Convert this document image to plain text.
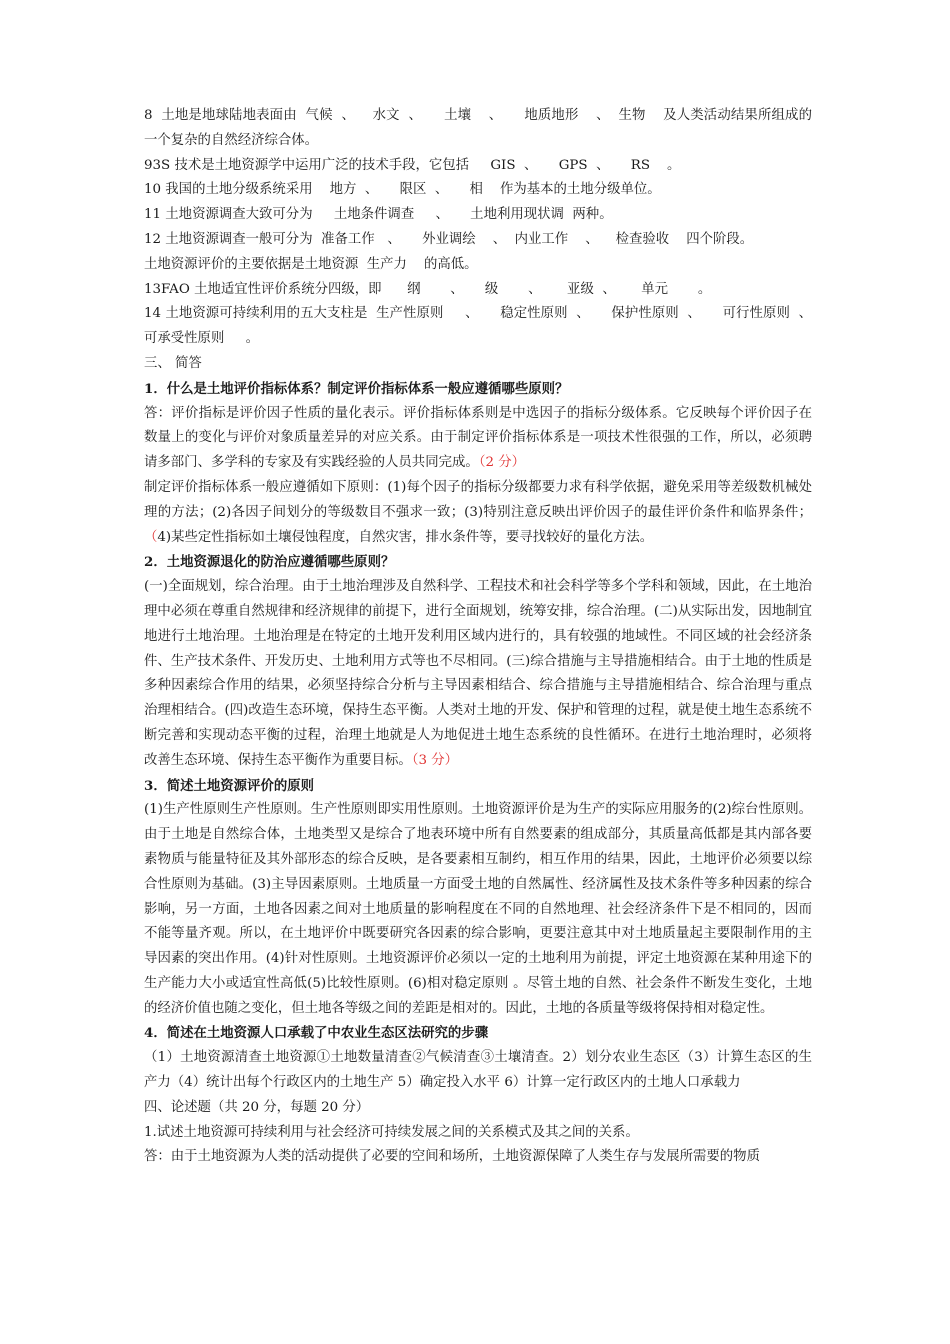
8  土地是地球陆地表面由  气候  、    水文  、     土壤    、     地质地形    、  生物    及人类活动结果所组成的一个复杂的自然经济综合体。

93S 技术是土地资源学中运用广泛的技术手段，它包括     GIS  、     GPS  、     RS    。

10 我国的土地分级系统采用    地方  、     限区  、     相    作为基本的土地分级单位。

11 土地资源调查大致可分为     土地条件调查     、     土地利用现状调  两种。

12 土地资源调查一般可分为  准备工作   、     外业调绘    、  内业工作    、    检查验收    四个阶段。

土地资源评价的主要依据是土地资源  生产力    的高低。

13FAO 土地适宜性评价系统分四级，即      纲       、     级       、      亚级  、      单元       。

14 土地资源可持续利用的五大支柱是  生产性原则     、     稳定性原则  、     保护性原则  、     可行性原则  、  可承受性原则     。

三、 简答

1．什么是土地评价指标体系？制定评价指标体系一般应遵循哪些原则？

答：评价指标是评价因子性质的量化表示。评价指标体系则是中选因子的指标分级体系。它反映每个评价因子在数量上的变化与评价对象质量差异的对应关系。由于制定评价指标体系是一项技术性很强的工作，所以，必须聘请多部门、多学科的专家及有实践经验的人员共同完成。（2 分）

制定评价指标体系一般应遵循如下原则：(1)每个因子的指标分级都要力求有科学依据，避免采用等差级数机械处理的方法；(2)各因子间划分的等级数目不强求一致；(3)特别注意反映出评价因子的最佳评价条件和临界条件；（4)某些定性指标如土壤侵蚀程度，自然灾害，排水条件等，要寻找较好的量化方法。

2．土地资源退化的防治应遵循哪些原则？

(一)全面规划，综合治理。由于土地治理涉及自然科学、工程技术和社会科学等多个学科和领域，因此，在土地治理中必须在尊重自然规律和经济规律的前提下，进行全面规划，统筹安排，综合治理。(二)从实际出发，因地制宜地进行土地治理。土地治理是在特定的土地开发利用区域内进行的，具有较强的地域性。不同区域的社会经济条件、生产技术条件、开发历史、土地利用方式等也不尽相同。(三)综合措施与主导措施相结合。由于土地的性质是多种因素综合作用的结果，必须坚持综合分析与主导因素相结合、综合措施与主导措施相结合、综合治理与重点治理相结合。(四)改造生态环境，保持生态平衡。人类对土地的开发、保护和管理的过程，就是使土地生态系统不断完善和实现动态平衡的过程，治理土地就是人为地促进土地生态系统的良性循环。在进行土地治理时，必须将改善生态环境、保持生态平衡作为重要目标。（3 分）

3．简述土地资源评价的原则

(1)生产性原则生产性原则。生产性原则即实用性原则。土地资源评价是为生产的实际应用服务的(2)综台性原则。由于土地是自然综合体，土地类型又是综合了地表环境中所有自然要素的组成部分，其质量高低都是其内部各要素物质与能量特征及其外部形态的综合反映，是各要素相互制约，相互作用的结果，因此，土地评价必须要以综合性原则为基础。(3)主导因素原则。土地质量一方面受土地的自然属性、经济属性及技术条件等多种因素的综合影响，另一方面，土地各因素之间对土地质量的影响程度在不同的自然地理、社会经济条件下是不相同的，因而不能等量齐观。所以，在土地评价中既要研究各因素的综合影响，更要注意其中对土地质量起主要限制作用的主导因素的突出作用。(4)针对性原则。土地资源评价必须以一定的土地利用为前提，评定土地资源在某种用途下的生产能力大小或适宜性高低(5)比较性原则。(6)相对稳定原则 。尽管土地的自然、社会条件不断发生变化，土地的经济价值也随之变化，但土地各等级之间的差距是相对的。因此，土地的各质量等级将保持相对稳定性。

4．简述在土地资源人口承载了中农业生态区法研究的步骤

（1）土地资源清查土地资源①土地数量清查②气候清查③土壤清查。2）划分农业生态区（3）计算生态区的生产力（4）统计出每个行政区内的土地生产 5）确定投入水平 6）计算一定行政区内的土地人口承载力

四、论述题（共 20 分，每题 20 分）

1.试述土地资源可持续利用与社会经济可持续发展之间的关系模式及其之间的关系。

答：由于土地资源为人类的活动提供了必要的空间和场所，土地资源保障了人类生存与发展所需要的物质
